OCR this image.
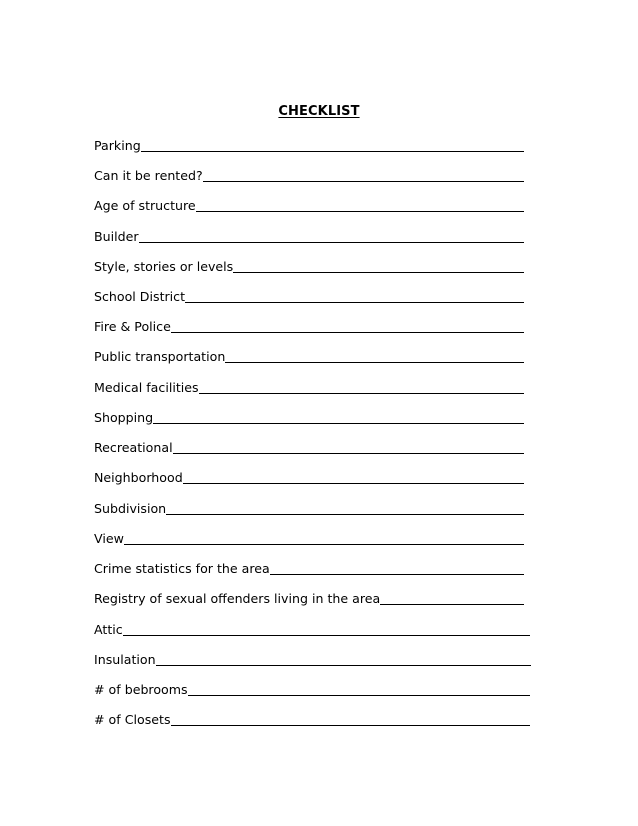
CHECKLIST
Parking
Can it be rented?
Age of structure
Builder
Style, stories or levels
School District
Fire & Police
Public transportation
Medical facilities
Shopping
Recreational
Neighborhood
Subdivision
View
Crime statistics for the area
Registry of sexual offenders living in the area
Attic
Insulation
# of bebrooms
# of Closets
